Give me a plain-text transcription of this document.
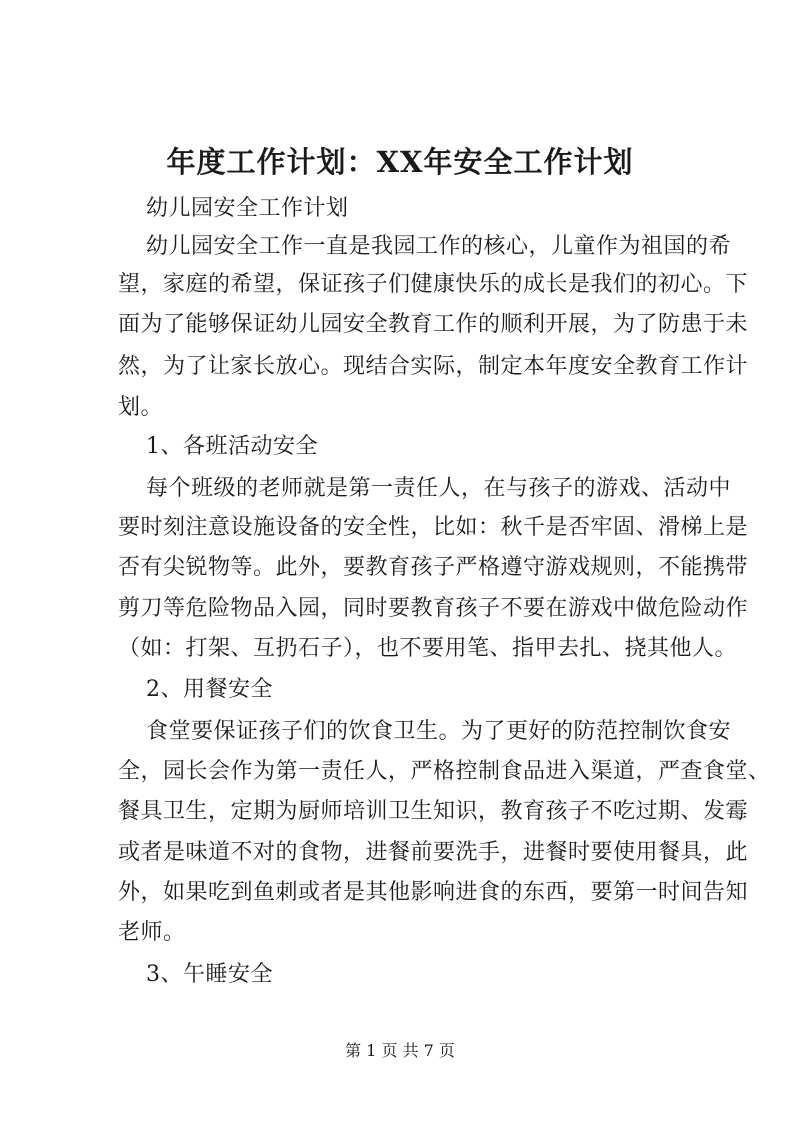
年度工作计划：XX年安全工作计划
幼儿园安全工作计划
幼儿园安全工作一直是我园工作的核心，儿童作为祖国的希
望，家庭的希望，保证孩子们健康快乐的成长是我们的初心。下
面为了能够保证幼儿园安全教育工作的顺利开展，为了防患于未
然，为了让家长放心。现结合实际，制定本年度安全教育工作计
划。
1、各班活动安全
每个班级的老师就是第一责任人，在与孩子的游戏、活动中
要时刻注意设施设备的安全性，比如：秋千是否牢固、滑梯上是
否有尖锐物等。此外，要教育孩子严格遵守游戏规则，不能携带
剪刀等危险物品入园，同时要教育孩子不要在游戏中做危险动作
（如：打架、互扔石子），也不要用笔、指甲去扎、挠其他人。
2、用餐安全
食堂要保证孩子们的饮食卫生。为了更好的防范控制饮食安
全，园长会作为第一责任人，严格控制食品进入渠道，严查食堂、
餐具卫生，定期为厨师培训卫生知识，教育孩子不吃过期、发霉
或者是味道不对的食物，进餐前要洗手，进餐时要使用餐具，此
外，如果吃到鱼刺或者是其他影响进食的东西，要第一时间告知
老师。
3、午睡安全
第 1 页 共 7 页
